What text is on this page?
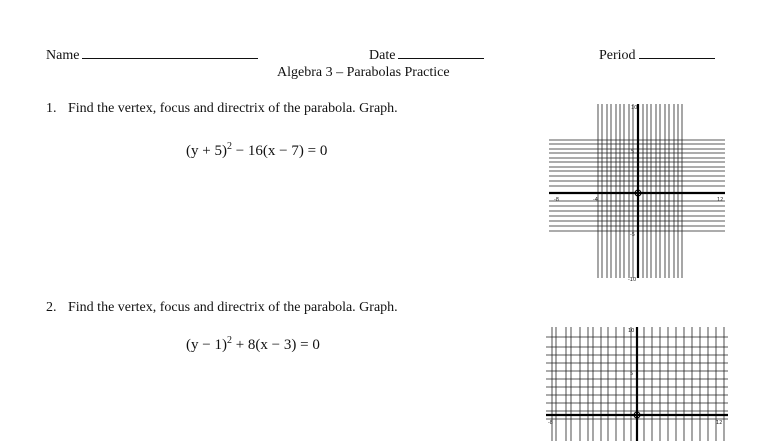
Name	Date	Period
Algebra 3 – Parabolas Practice
1. Find the vertex, focus and directrix of the parabola. Graph.
$(y + 5)^2 - 16(x - 7) = 0$
-8	-4	12
10
5
-5
-10
2. Find the vertex, focus and directrix of the parabola. Graph.
$(y - 1)^2 + 8(x - 3) = 0$
-8	12
10
5
